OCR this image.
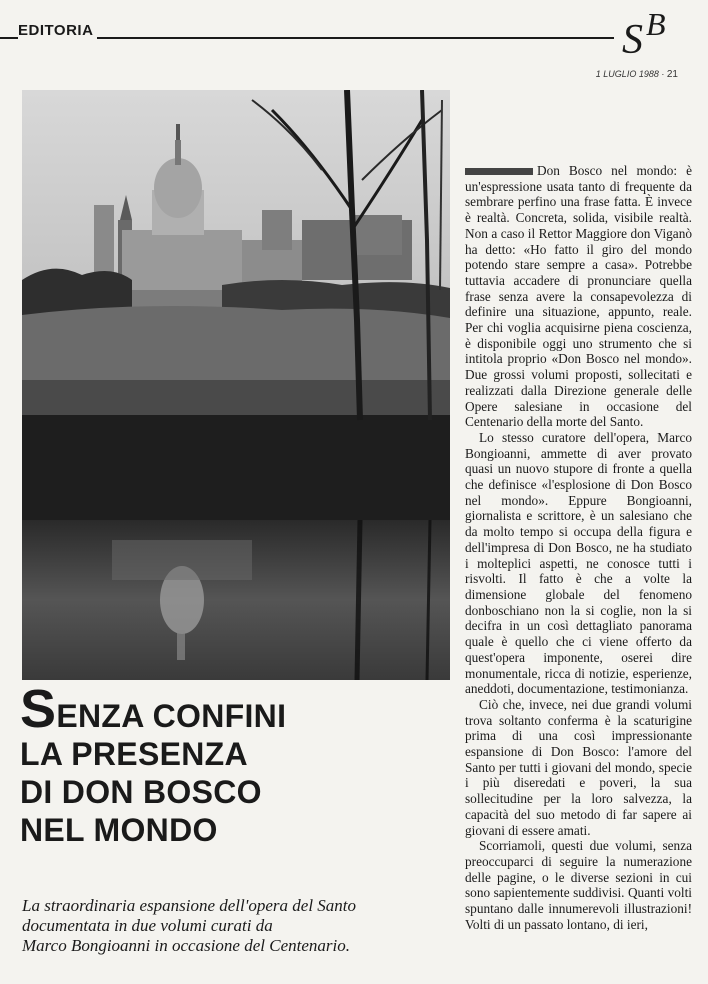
EDITORIA	S B
1 LUGLIO 1988 · 21
SENZA CONFINI
LA PRESENZA
DI DON BOSCO
NEL MONDO
La straordinaria espansione dell'opera del Santo
documentata in due volumi curati da
Marco Bongioanni in occasione del Centenario.

Don Bosco nel mondo: è un'espressione usata tanto di frequente da sembrare perfino una frase fatta. È invece è realtà. Concreta, solida, visibile realtà. Non a caso il Rettor Maggiore don Viganò ha detto: «Ho fatto il giro del mondo potendo stare sempre a casa». Potrebbe tuttavia accadere di pronunciare quella frase senza avere la consapevolezza di definire una situazione, appunto, reale. Per chi voglia acquisirne piena coscienza, è disponibile oggi uno strumento che si intitola proprio «Don Bosco nel mondo». Due grossi volumi proposti, sollecitati e realizzati dalla Direzione generale delle Opere salesiane in occasione del Centenario della morte del Santo.

Lo stesso curatore dell'opera, Marco Bongioanni, ammette di aver provato quasi un nuovo stupore di fronte a quella che definisce «l'esplosione di Don Bosco nel mondo». Eppure Bongioanni, giornalista e scrittore, è un salesiano che da molto tempo si occupa della figura e dell'impresa di Don Bosco, ne ha studiato i molteplici aspetti, ne conosce tutti i risvolti. Il fatto è che a volte la dimensione globale del fenomeno donboschiano non la si coglie, non la si decifra in un così dettagliato panorama quale è quello che ci viene offerto da quest'opera imponente, oserei dire monumentale, ricca di notizie, esperienze, aneddoti, documentazione, testimonianza.

Ciò che, invece, nei due grandi volumi trova soltanto conferma è la scaturigine prima di una così impressionante espansione di Don Bosco: l'amore del Santo per tutti i giovani del mondo, specie i più diseredati e poveri, la sua sollecitudine per la loro salvezza, la capacità del suo metodo di far sapere ai giovani di essere amati.

Scorriamoli, questi due volumi, senza preoccuparci di seguire la numerazione delle pagine, o le diverse sezioni in cui sono sapientemente suddivisi. Quanti volti spuntano dalle innumerevoli illustrazioni! Volti di un passato lontano, di ieri,
